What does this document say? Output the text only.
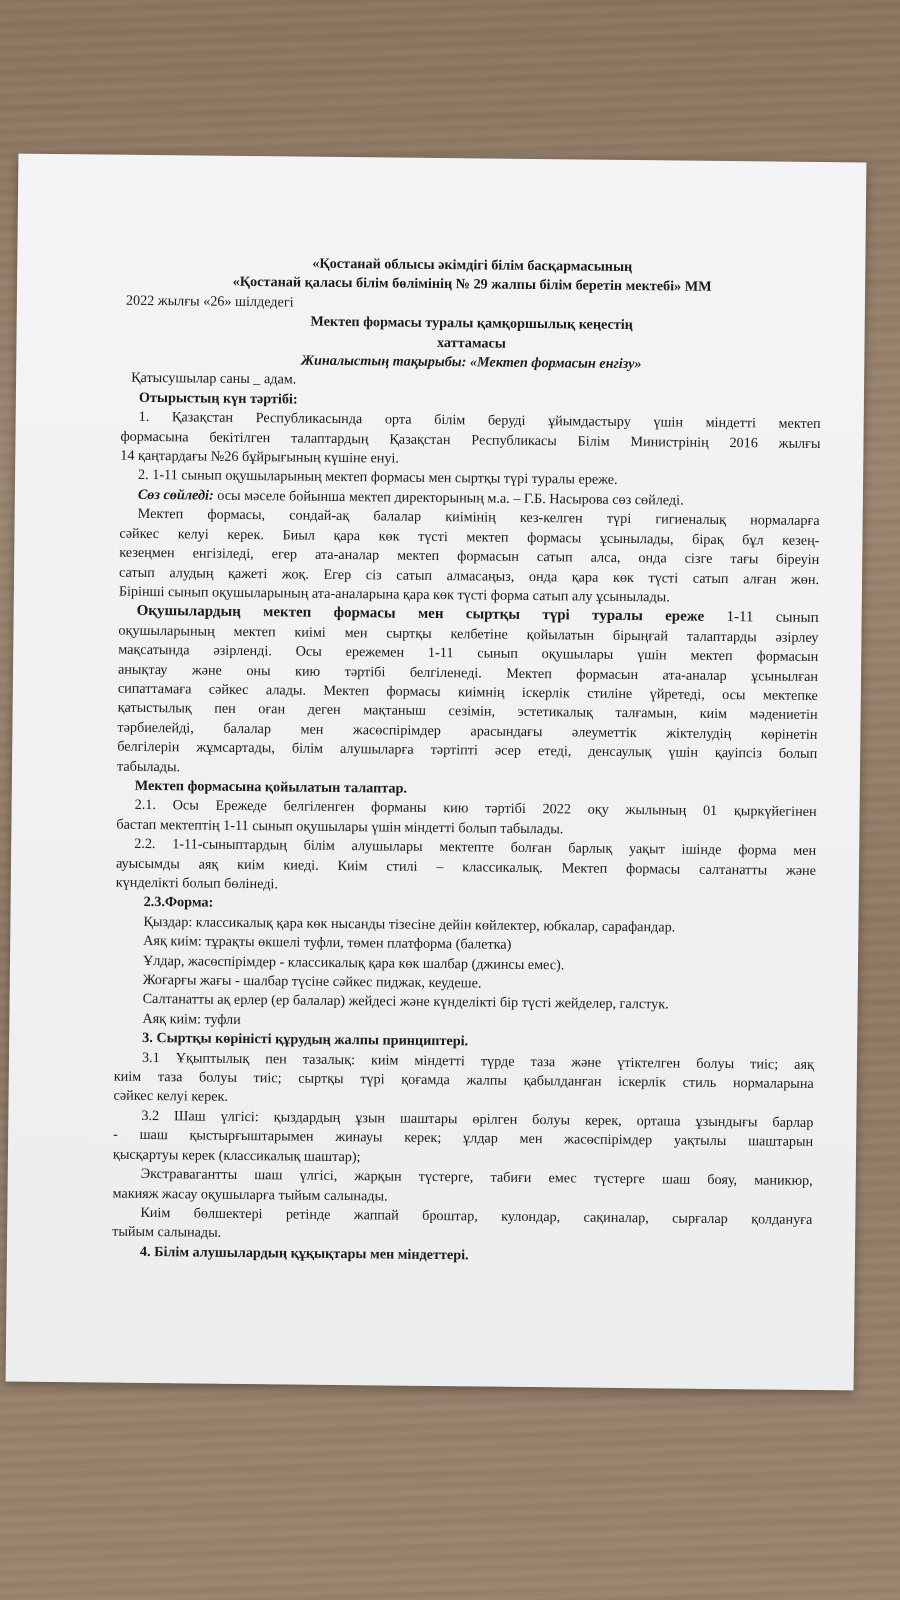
«Қостанай облысы әкімдігі білім басқармасының
«Қостанай қаласы білім бөлімінің № 29 жалпы білім беретін мектебі» ММ
2022 жылғы «26» шілдедегі
Мектеп формасы туралы қамқоршылық кеңестің
хаттамасы
Жиналыстың тақырыбы: «Мектеп формасын енгізу»
Қатысушылар саны _ адам.
Отырыстың күн тәртібі:
1. Қазақстан Республикасында орта білім беруді ұйымдастыру үшін міндетті мектеп
формасына бекітілген талаптардың Қазақстан Республикасы Білім Министрінің 2016 жылғы
14 қаңтардағы №26 бұйрығының күшіне енуі.
2. 1-11 сынып оқушыларының мектеп формасы мен сыртқы түрі туралы ереже.
Сөз сөйледі: осы мәселе бойынша мектеп директорының м.а. – Г.Б. Насырова сөз сөйледі.
Мектеп формасы, сондай-ақ балалар киімінің кез-келген түрі гигиеналық нормаларға
сәйкес келуі керек. Биыл қара көк түсті мектеп формасы ұсынылады, бірақ бұл кезең-
кезеңмен енгізіледі, егер ата-аналар мектеп формасын сатып алса, онда сізге тағы біреуін
сатып алудың қажеті жоқ. Егер сіз сатып алмасаңыз, онда қара көк түсті сатып алған жөн.
Бірінші сынып оқушыларының ата-аналарына қара көк түсті форма сатып алу ұсынылады.
Оқушылардың мектеп формасы мен сыртқы түрі туралы ереже 1-11 сынып
оқушыларының мектеп киімі мен сыртқы келбетіне қойылатын бірыңғай талаптарды әзірлеу
мақсатында әзірленді. Осы ережемен 1-11 сынып оқушылары үшін мектеп формасын
анықтау және оны кию тәртібі белгіленеді. Мектеп формасын ата-аналар ұсынылған
сипаттамаға сәйкес алады. Мектеп формасы киімнің іскерлік стиліне үйретеді, осы мектепке
қатыстылық пен оған деген мақтаныш сезімін, эстетикалық талғамын, киім мәдениетін
тәрбиелейді, балалар мен жасөспірімдер арасындағы әлеуметтік жіктелудің көрінетін
белгілерін жұмсартады, білім алушыларға тәртіпті әсер етеді, денсаулық үшін қауіпсіз болып
табылады.
Мектеп формасына қойылатын талаптар.
2.1. Осы Ережеде белгіленген форманы кию тәртібі 2022 оқу жылының 01 қыркүйегінен
бастап мектептің 1-11 сынып оқушылары үшін міндетті болып табылады.
2.2. 1-11-сыныптардың білім алушылары мектепте болған барлық уақыт ішінде форма мен
ауысымды аяқ киім киеді. Киім стилі – классикалық. Мектеп формасы салтанатты және
күнделікті болып бөлінеді.
2.3.Форма:
Қыздар: классикалық қара көк нысанды тізесіне дейін көйлектер, юбкалар, сарафандар.
Аяқ киім: тұрақты өкшелі туфли, төмен платформа (балетка)
Ұлдар, жасөспірімдер - классикалық қара көк шалбар (джинсы емес).
Жоғарғы жағы - шалбар түсіне сәйкес пиджак, кеудеше.
Салтанатты ақ ерлер (ер балалар) жейдесі және күнделікті бір түсті жейделер, галстук.
Аяқ киім: туфли
3. Сыртқы көріністі құрудың жалпы принциптері.
3.1 Ұқыптылық пен тазалық: киім міндетті түрде таза және үтіктелген болуы тиіс; аяқ
киім таза болуы тиіс; сыртқы түрі қоғамда жалпы қабылданған іскерлік стиль нормаларына
сәйкес келуі керек.
3.2 Шаш үлгісі: қыздардың ұзын шаштары өрілген болуы керек, орташа ұзындығы барлар
- шаш қыстырғыштарымен жинауы керек; ұлдар мен жасөспірімдер уақтылы шаштарын
қысқартуы керек (классикалық шаштар);
Экстравагантты шаш үлгісі, жарқын түстерге, табиғи емес түстерге шаш бояу, маникюр,
макияж жасау оқушыларға тыйым салынады.
Киім бөлшектері ретінде жаппай броштар, кулондар, сақиналар, сырғалар қолдануға
тыйым салынады.
4. Білім алушылардың құқықтары мен міндеттері.
